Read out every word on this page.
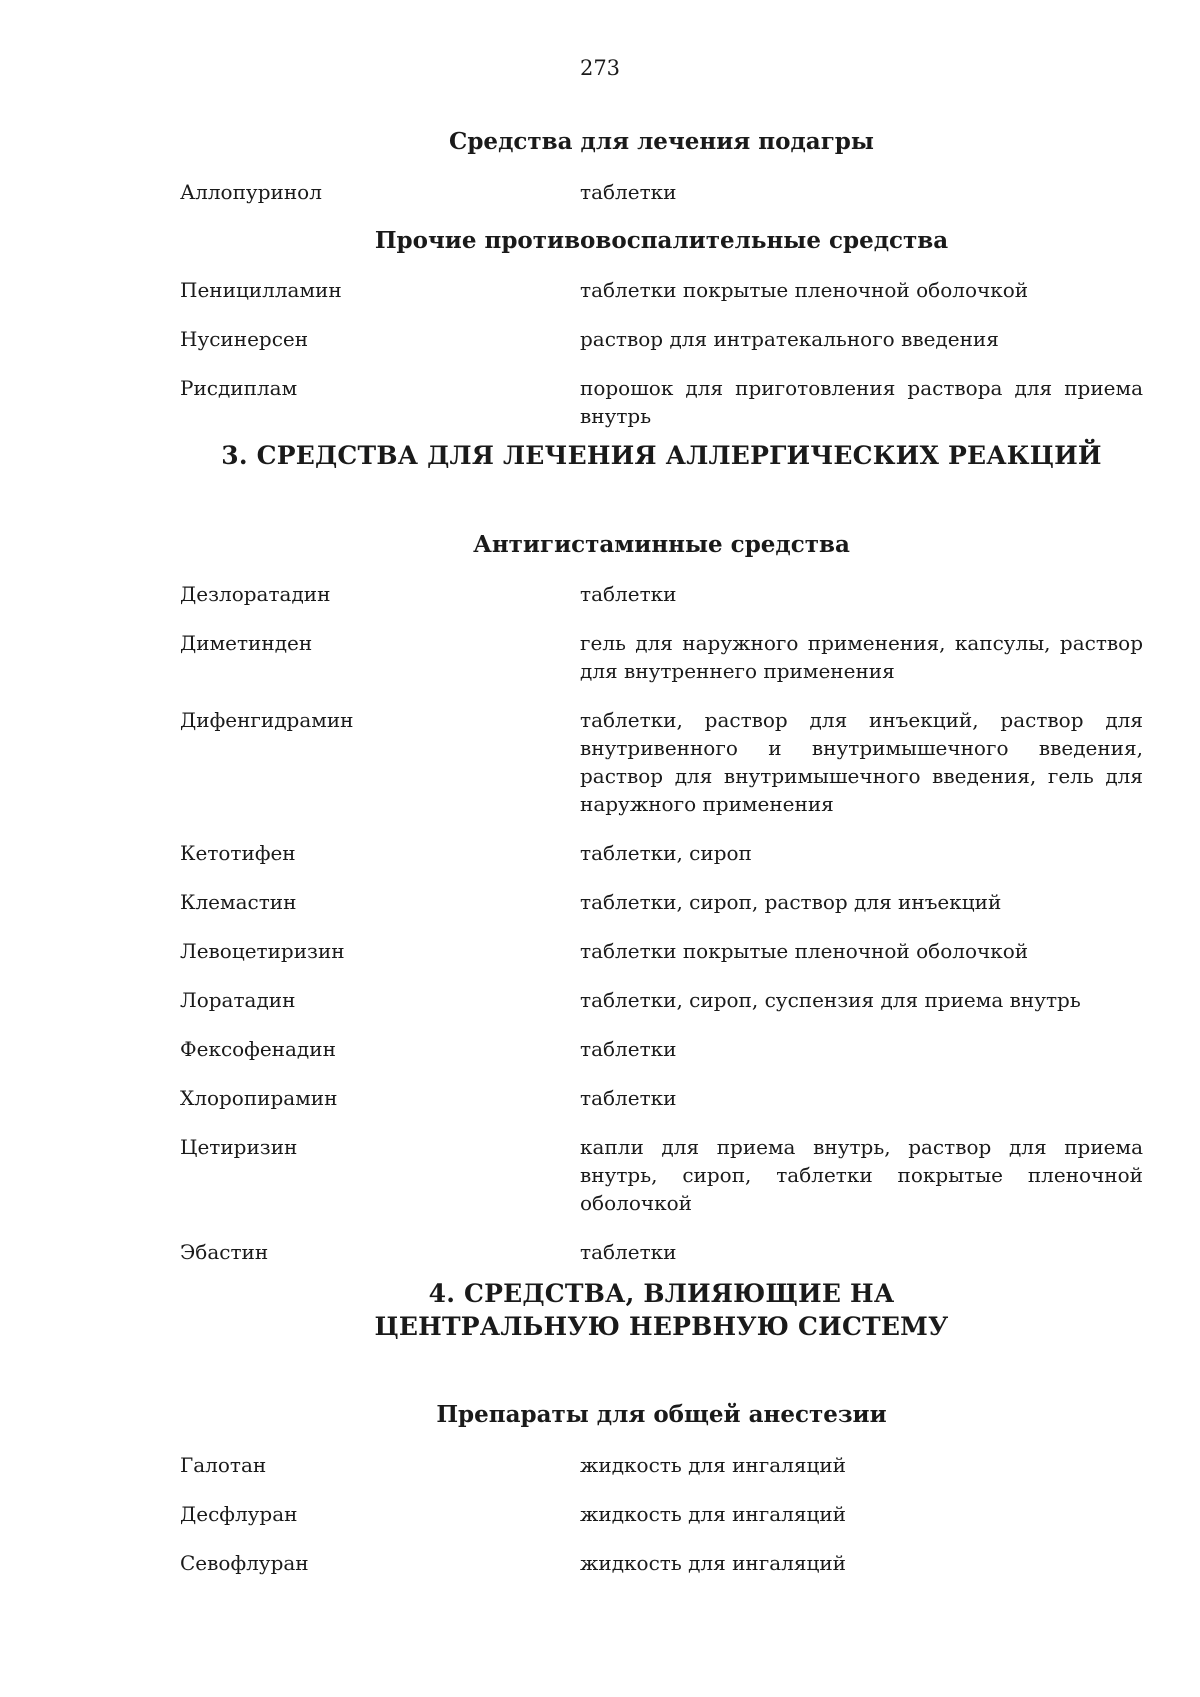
273
Средства для лечения подагры
Аллопуринол	таблетки
Прочие противовоспалительные средства
Пеницилламин	таблетки покрытые пленочной оболочкой
Нусинерсен	раствор для интратекального введения
Рисдиплам	порошок для приготовления раствора для приема внутрь
3. СРЕДСТВА ДЛЯ ЛЕЧЕНИЯ АЛЛЕРГИЧЕСКИХ РЕАКЦИЙ
Антигистаминные средства
Дезлоратадин	таблетки
Диметинден	гель для наружного применения, капсулы, раствор для внутреннего применения
Дифенгидрамин	таблетки, раствор для инъекций, раствор для внутривенного и внутримышечного введения, раствор для внутримышечного введения, гель для наружного применения
Кетотифен	таблетки, сироп
Клемастин	таблетки, сироп, раствор для инъекций
Левоцетиризин	таблетки покрытые пленочной оболочкой
Лоратадин	таблетки, сироп, суспензия для приема внутрь
Фексофенадин	таблетки
Хлоропирамин	таблетки
Цетиризин	капли для приема внутрь, раствор для приема внутрь, сироп, таблетки покрытые пленочной оболочкой
Эбастин	таблетки
4. СРЕДСТВА, ВЛИЯЮЩИЕ НА
ЦЕНТРАЛЬНУЮ НЕРВНУЮ СИСТЕМУ
Препараты для общей анестезии
Галотан	жидкость для ингаляций
Десфлуран	жидкость для ингаляций
Севофлуран	жидкость для ингаляций
